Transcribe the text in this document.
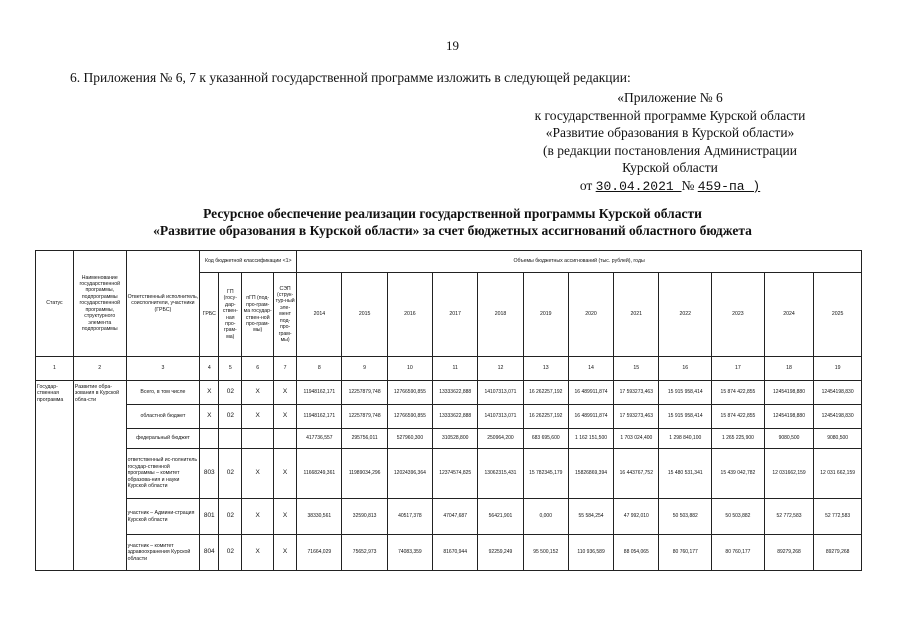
19
6. Приложения № 6, 7 к указанной государственной программе изложить в следующей редакции:
«Приложение № 6
к государственной программе Курской области
«Развитие образования в Курской области»
(в редакции постановления Администрации
Курской области
от 30.04.2021 № 459-па )
Ресурсное обеспечение реализации государственной программы Курской области
«Развитие образования в Курской области» за счет бюджетных ассигнований областного бюджета
Статус	Наименование государственной программы, подпрограммы государственной программы, структурного элемента подпрограммы	Ответственный исполнитель, соисполнители, участники (ГРБС)	Код бюджетной классификации <1>				Объемы бюджетных ассигнований (тыс. рублей), годы											
			ГРБС	ГП (госу-дар-ствен-ная про-грам-ма)	пГП (под-про-грам-ма государ-ствен-ной про-грам-мы)	СЭП (струк-тур-ный эле-мент под-про-грам-мы)	2014	2015	2016	2017	2018	2019	2020	2021	2022	2023	2024	2025
1	2	3	4	5	6	7	8	9	10	11	12	13	14	15	16	17	18	19
Государ-ственная программа	Развитие обра-зования в Курской обла-сти	Всего, в том числе	Х	02	Х	Х	11948162,171	12257879,748	12766590,855	13333622,888	14107313,071	16 262257,192	16 489911,874	17 593273,463	15 915 958,414	15 874 422,855	12454198,880	12454198,830
		областной бюджет	Х	02	Х	Х	11948162,171	12257879,748	12766590,855	13333622,888	14107313,071	16 262257,192	16 489911,874	17 593273,463	15 915 958,414	15 874 422,855	12454198,880	12454198,830
		федеральный бюджет					417736,557	295756,011	527960,300	310528,800	250964,200	683 695,600	1 162 151,500	1 703 024,400	1 298 840,100	1 265 225,900	9080,500	9080,500
		ответственный ис-полнитель государ-ственной программы – комитет образова-ния и науки Курской области	803	02	Х	Х	11668249,361	11989034,296	12024396,364	12374574,825	13062315,431	15 782345,179	15826869,394	16 443767,752	15 480 531,341	15 439 042,782	12 031662,159	12 031 662,159
		участник – Админи-страция Курской области	801	02	Х	Х	38330,561	32590,813	40517,378	47047,687	56421,901	0,000	55 584,254	47 992,010	50 503,882	50 503,882	52 772,583	52 772,583
		участник – комитет здравоохранения Курской области	804	02	Х	Х	71664,029	75652,973	74083,359	81670,944	92259,249	95 500,152	110 936,589	88 054,065	80 760,177	80 760,177	89279,268	89279,268
